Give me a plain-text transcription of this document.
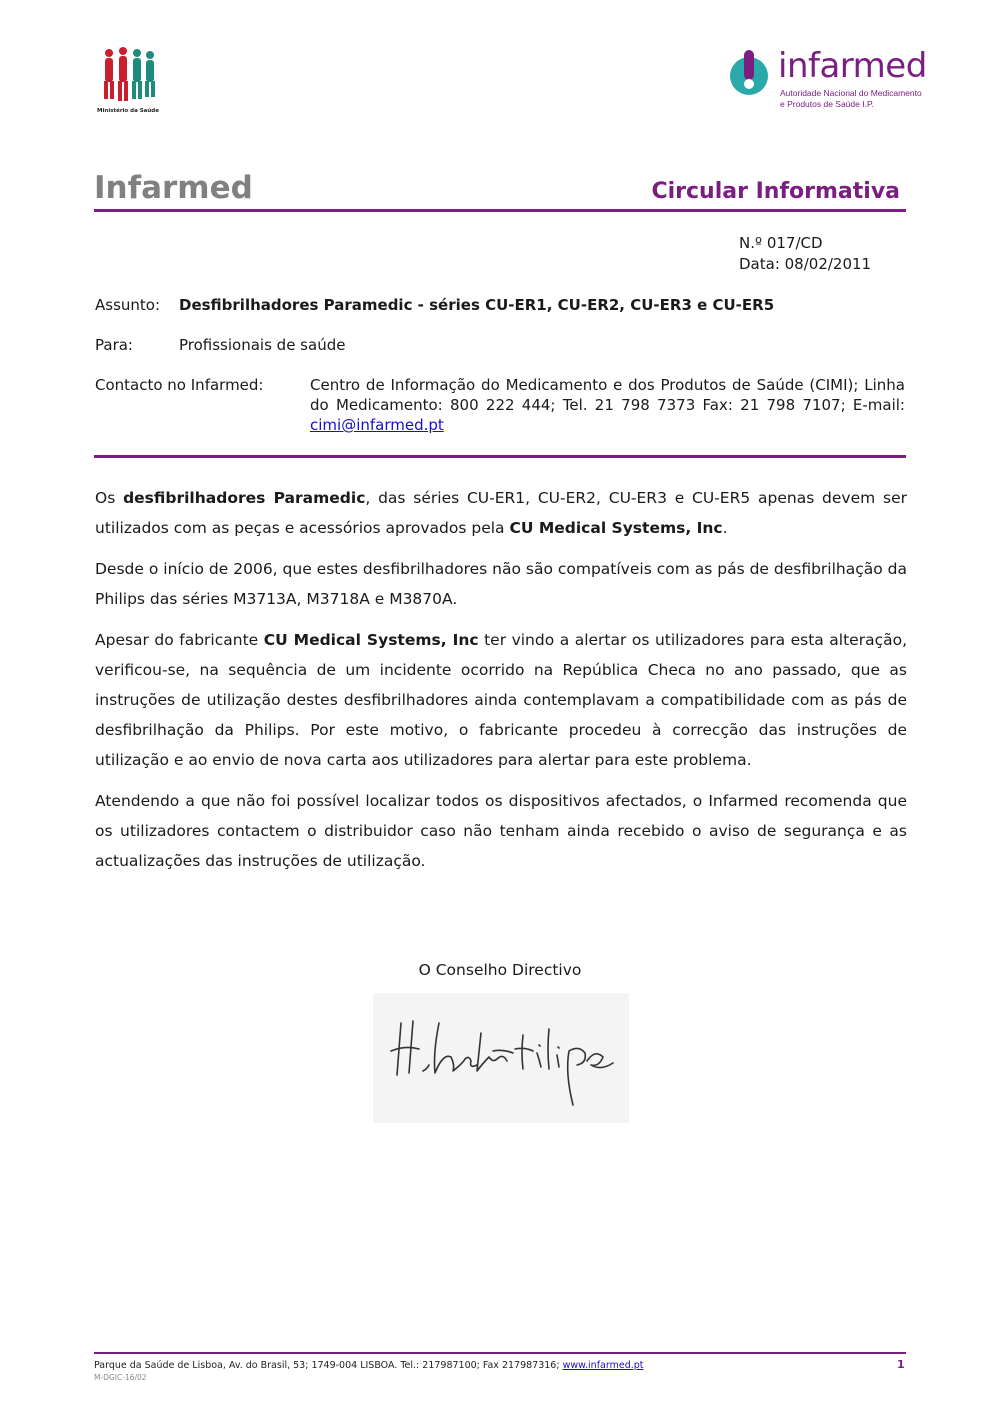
Ministério da Saúde
infarmed
Autoridade Nacional do Medicamento
e Produtos de Saúde I.P.
Infarmed	Circular Informativa
N.º 017/CD
Data: 08/02/2011
Assunto: Desfibrilhadores Paramedic - séries CU-ER1, CU-ER2, CU-ER3 e CU-ER5
Para:	Profissionais de saúde
Contacto no Infarmed:	Centro de Informação do Medicamento e dos Produtos de Saúde (CIMI); Linha do Medicamento: 800 222 444; Tel. 21 798 7373 Fax: 21 798 7107; E-mail: cimi@infarmed.pt

Os desfibrilhadores Paramedic, das séries CU-ER1, CU-ER2, CU-ER3 e CU-ER5 apenas devem ser utilizados com as peças e acessórios aprovados pela CU Medical Systems, Inc.

Desde o início de 2006, que estes desfibrilhadores não são compatíveis com as pás de desfibrilhação da Philips das séries M3713A, M3718A e M3870A.

Apesar do fabricante CU Medical Systems, Inc ter vindo a alertar os utilizadores para esta alteração, verificou-se, na sequência de um incidente ocorrido na República Checa no ano passado, que as instruções de utilização destes desfibrilhadores ainda contemplavam a compatibilidade com as pás de desfibrilhação da Philips. Por este motivo, o fabricante procedeu à correcção das instruções de utilização e ao envio de nova carta aos utilizadores para alertar para este problema.

Atendendo a que não foi possível localizar todos os dispositivos afectados, o Infarmed recomenda que os utilizadores contactem o distribuidor caso não tenham ainda recebido o aviso de segurança e as actualizações das instruções de utilização.

O Conselho Directivo
Parque da Saúde de Lisboa, Av. do Brasil, 53; 1749-004 LISBOA. Tel.: 217987100; Fax 217987316; www.infarmed.pt
M-DGIC-16/02
1
